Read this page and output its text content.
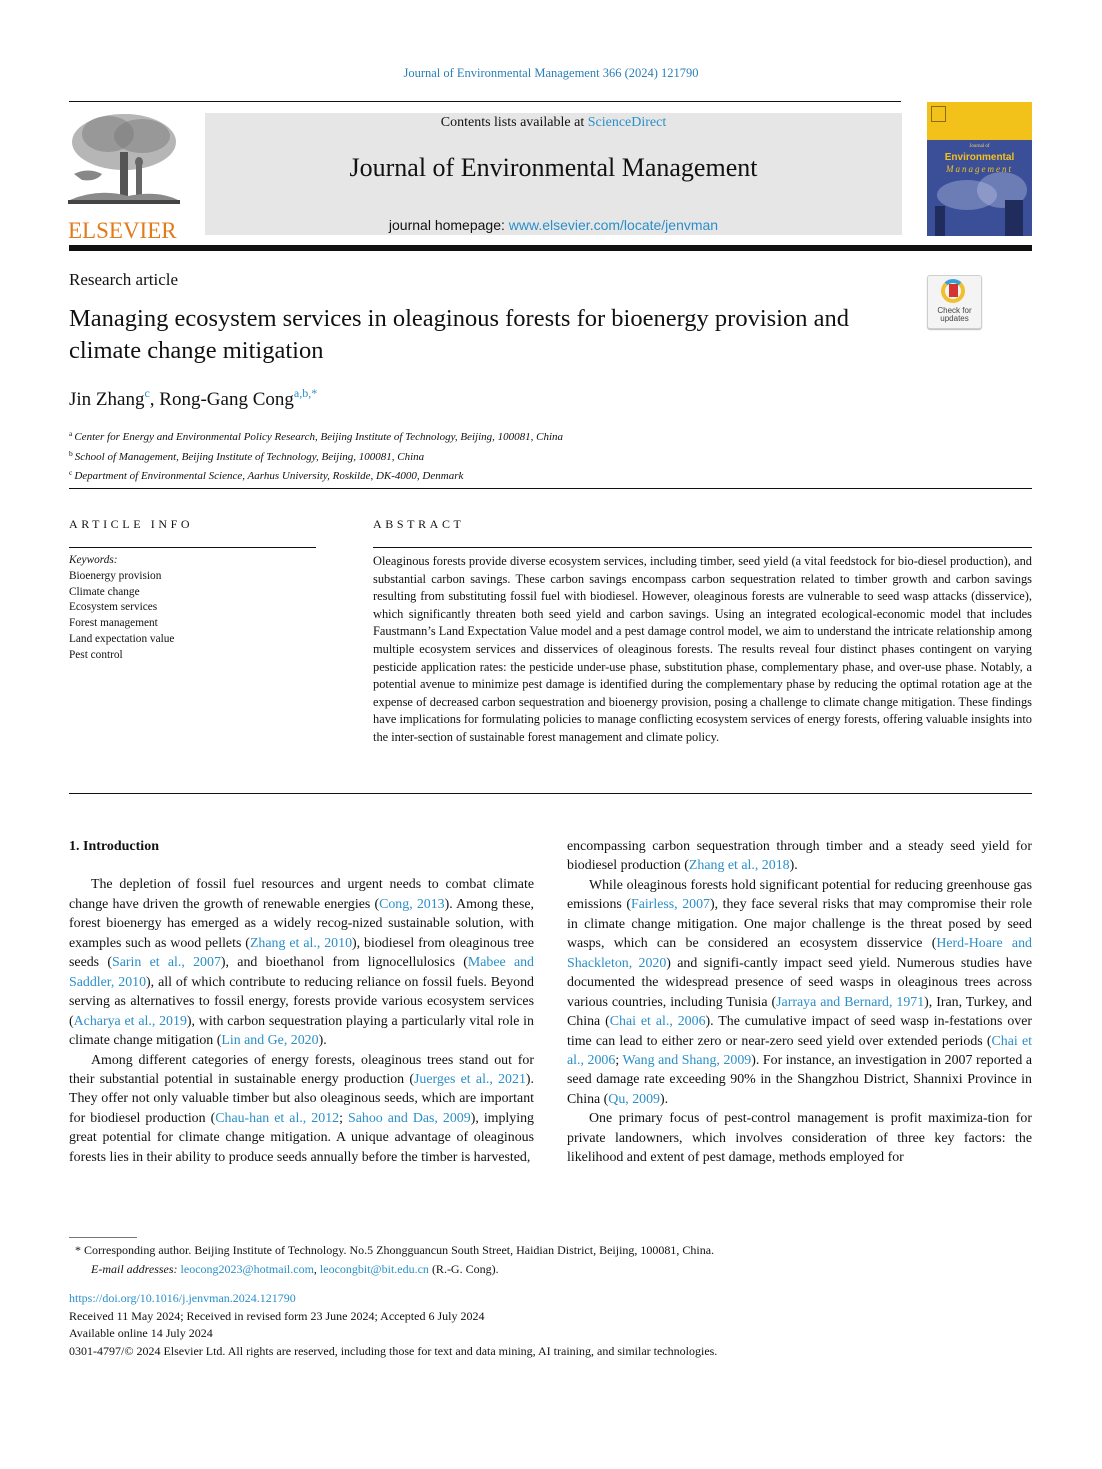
Journal of Environmental Management 366 (2024) 121790
ELSEVIER
Contents lists available at ScienceDirect
Journal of Environmental Management
journal homepage: www.elsevier.com/locate/jenvman
Journal of
Environmental
Management
Research article
Check for
updates
Managing ecosystem services in oleaginous forests for bioenergy provision and climate change mitigation
Jin Zhang$^c$, Rong-Gang Cong$^{a,b,*}$
$^a$ Center for Energy and Environmental Policy Research, Beijing Institute of Technology, Beijing, 100081, China
$^b$ School of Management, Beijing Institute of Technology, Beijing, 100081, China
$^c$ Department of Environmental Science, Aarhus University, Roskilde, DK-4000, Denmark
ARTICLE INFO
Keywords:
Bioenergy provision
Climate change
Ecosystem services
Forest management
Land expectation value
Pest control
ABSTRACT
Oleaginous forests provide diverse ecosystem services, including timber, seed yield (a vital feedstock for bio-diesel production), and substantial carbon savings. These carbon savings encompass carbon sequestration related to timber growth and carbon savings resulting from substituting fossil fuel with biodiesel. However, oleaginous forests are vulnerable to seed wasp attacks (disservice), which significantly threaten both seed yield and carbon savings. Using an integrated ecological-economic model that includes Faustmann’s Land Expectation Value model and a pest damage control model, we aim to understand the intricate relationship among multiple ecosystem services and disservices of oleaginous forests. The results reveal four distinct phases contingent on varying pesticide application rates: the pesticide under-use phase, substitution phase, complementary phase, and over-use phase. Notably, a potential avenue to minimize pest damage is identified during the complementary phase by reducing the optimal rotation age at the expense of decreased carbon sequestration and bioenergy provision, posing a challenge to climate change mitigation. These findings have implications for formulating policies to manage conflicting ecosystem services of energy forests, offering valuable insights into the inter-section of sustainable forest management and climate policy.
1. Introduction

The depletion of fossil fuel resources and urgent needs to combat climate change have driven the growth of renewable energies (Cong, 2013). Among these, forest bioenergy has emerged as a widely recog-nized sustainable solution, with examples such as wood pellets (Zhang et al., 2010), biodiesel from oleaginous tree seeds (Sarin et al., 2007), and bioethanol from lignocellulosics (Mabee and Saddler, 2010), all of which contribute to reducing reliance on fossil fuels. Beyond serving as alternatives to fossil energy, forests provide various ecosystem services (Acharya et al., 2019), with carbon sequestration playing a particularly vital role in climate change mitigation (Lin and Ge, 2020).

Among different categories of energy forests, oleaginous trees stand out for their substantial potential in sustainable energy production (Juerges et al., 2021). They offer not only valuable timber but also oleaginous seeds, which are important for biodiesel production (Chau-han et al., 2012; Sahoo and Das, 2009), implying great potential for climate change mitigation. A unique advantage of oleaginous forests lies in their ability to produce seeds annually before the timber is harvested,

encompassing carbon sequestration through timber and a steady seed yield for biodiesel production (Zhang et al., 2018).

While oleaginous forests hold significant potential for reducing greenhouse gas emissions (Fairless, 2007), they face several risks that may compromise their role in climate change mitigation. One major challenge is the threat posed by seed wasps, which can be considered an ecosystem disservice (Herd-Hoare and Shackleton, 2020) and signifi-cantly impact seed yield. Numerous studies have documented the widespread presence of seed wasps in oleaginous trees across various countries, including Tunisia (Jarraya and Bernard, 1971), Iran, Turkey, and China (Chai et al., 2006). The cumulative impact of seed wasp in-festations over time can lead to either zero or near-zero seed yield over extended periods (Chai et al., 2006; Wang and Shang, 2009). For instance, an investigation in 2007 reported a seed damage rate exceeding 90% in the Shangzhou District, Shannixi Province in China (Qu, 2009).

One primary focus of pest-control management is profit maximiza-tion for private landowners, which involves consideration of three key factors: the likelihood and extent of pest damage, methods employed for

* Corresponding author. Beijing Institute of Technology. No.5 Zhongguancun South Street, Haidian District, Beijing, 100081, China.
E-mail addresses: leocong2023@hotmail.com, leocongbit@bit.edu.cn (R.-G. Cong).
https://doi.org/10.1016/j.jenvman.2024.121790
Received 11 May 2024; Received in revised form 23 June 2024; Accepted 6 July 2024
Available online 14 July 2024
0301-4797/© 2024 Elsevier Ltd. All rights are reserved, including those for text and data mining, AI training, and similar technologies.
